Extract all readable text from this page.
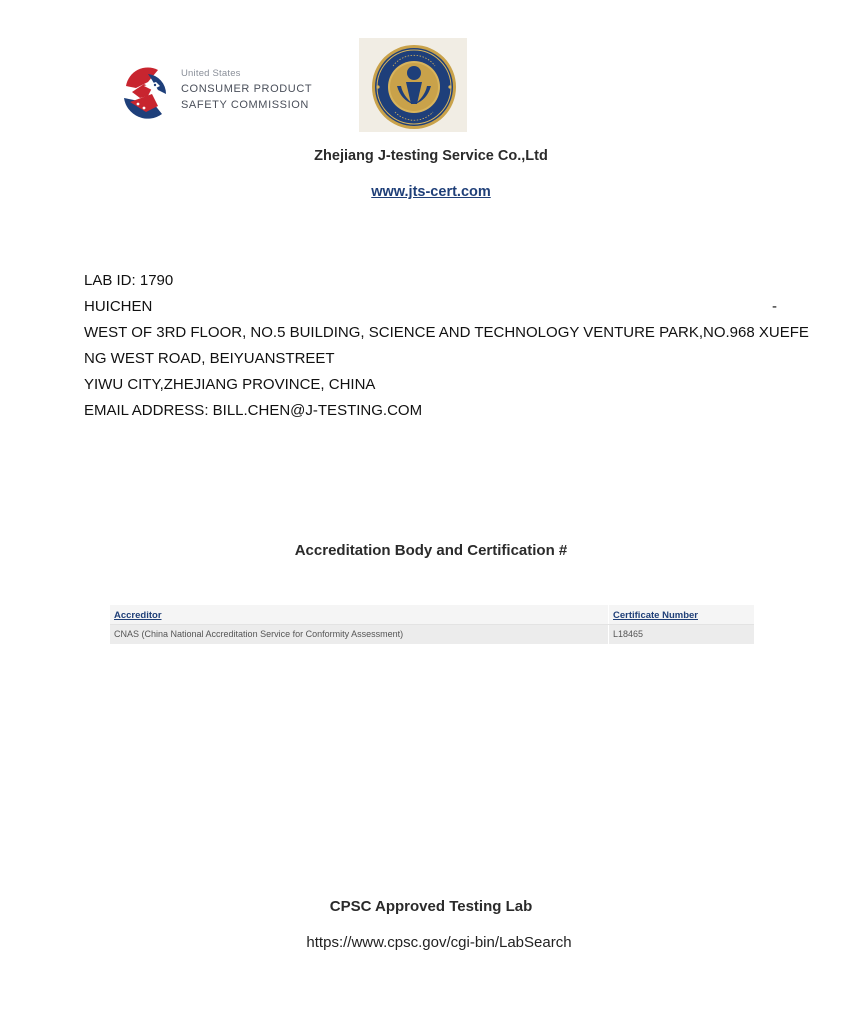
United States
CONSUMER PRODUCT
SAFETY COMMISSION
Zhejiang J-testing Service Co.,Ltd
www.jts-cert.com
LAB ID: 1790
HUICHEN	-
WEST OF 3RD FLOOR, NO.5 BUILDING, SCIENCE AND TECHNOLOGY VENTURE PARK,NO.968 XUEFE
NG WEST ROAD, BEIYUANSTREET
YIWU CITY,ZHEJIANG PROVINCE, CHINA
EMAIL ADDRESS: BILL.CHEN@J-TESTING.COM
Accreditation Body and Certification #
Accreditor	Certificate Number
CNAS (China National Accreditation Service for Conformity Assessment)	L18465
CPSC Approved Testing Lab
https://www.cpsc.gov/cgi-bin/LabSearch
